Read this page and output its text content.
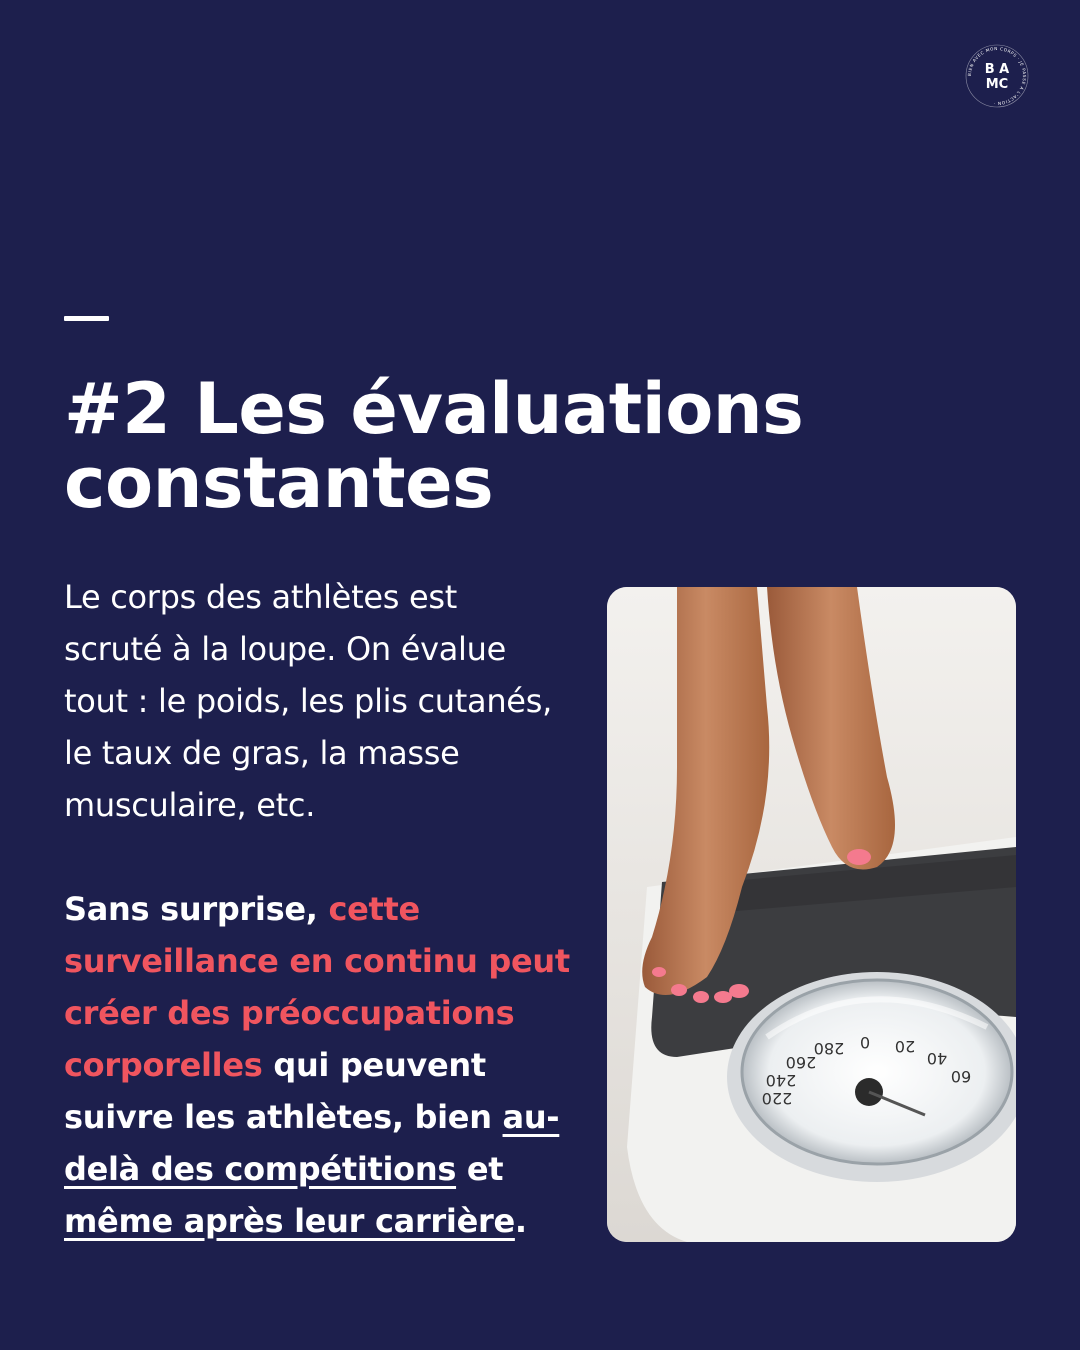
BIEN AVEC MON CORPS · JE PASSE À L'ACTION ·
B A
MC
#2 Les évaluations
constantes

Le corps des athlètes est scruté à la loupe. On évalue tout : le poids, les plis cutanés, le taux de gras, la masse musculaire, etc.

Sans surprise, cette surveillance en continu peut créer des préoccupations corporelles qui peuvent suivre les athlètes, bien au-delà des compétitions et même après leur carrière.

280 0 20
40
60
260
240
220
